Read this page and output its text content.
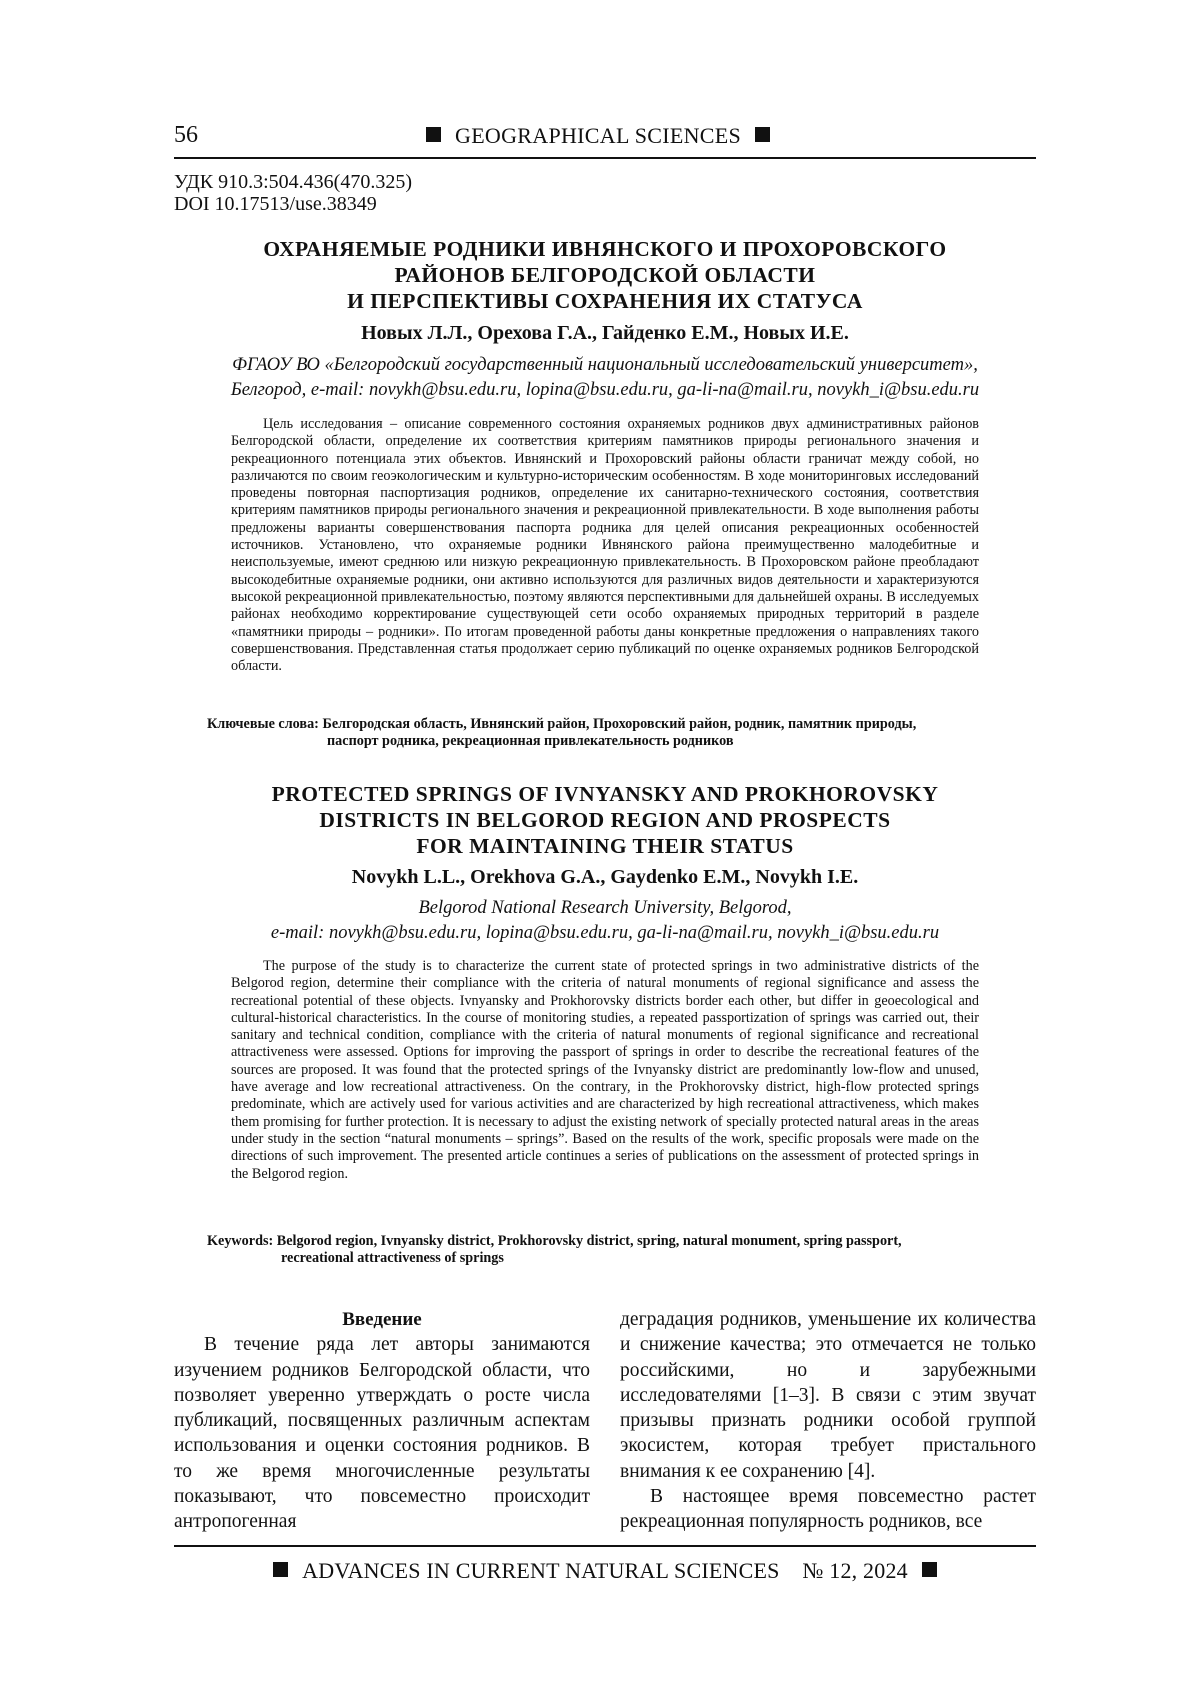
56	GEOGRAPHICAL SCIENCES
УДК 910.3:504.436(470.325)
DOI 10.17513/use.38349
ОХРАНЯЕМЫЕ РОДНИКИ ИВНЯНСКОГО И ПРОХОРОВСКОГО
РАЙОНОВ БЕЛГОРОДСКОЙ ОБЛАСТИ
И ПЕРСПЕКТИВЫ СОХРАНЕНИЯ ИХ СТАТУСА
Новых Л.Л., Орехова Г.А., Гайденко Е.М., Новых И.Е.
ФГАОУ ВО «Белгородский государственный национальный исследовательский университет»,
Белгород, e-mail: novykh@bsu.edu.ru, lopina@bsu.edu.ru, ga-li-na@mail.ru, novykh_i@bsu.edu.ru
Цель исследования – описание современного состояния охраняемых родников двух административных районов Белгородской области, определение их соответствия критериям памятников природы регионального значения и рекреационного потенциала этих объектов. Ивнянский и Прохоровский районы области граничат между собой, но различаются по своим геоэкологическим и культурно-историческим особенностям. В ходе мониторинговых исследований проведены повторная паспортизация родников, определение их санитарно-технического состояния, соответствия критериям памятников природы регионального значения и рекреационной привлекательности. В ходе выполнения работы предложены варианты совершенствования паспорта родника для целей описания рекреационных особенностей источников. Установлено, что охраняемые родники Ивнянского района преимущественно малодебитные и неиспользуемые, имеют среднюю или низкую рекреационную привлекательность. В Прохоровском районе преобладают высокодебитные охраняемые родники, они активно используются для различных видов деятельности и характеризуются высокой рекреационной привлекательностью, поэтому являются перспективными для дальнейшей охраны. В исследуемых районах необходимо корректирование существующей сети особо охраняемых природных территорий в разделе «памятники природы – родники». По итогам проведенной работы даны конкретные предложения о направлениях такого совершенствования. Представленная статья продолжает серию публикаций по оценке охраняемых родников Белгородской области.
Ключевые слова: Белгородская область, Ивнянский район, Прохоровский район, родник, памятник природы,
паспорт родника, рекреационная привлекательность родников
PROTECTED SPRINGS OF IVNYANSKY AND PROKHOROVSKY
DISTRICTS IN BELGOROD REGION AND PROSPECTS
FOR MAINTAINING THEIR STATUS
Novykh L.L., Orekhova G.A., Gaydenko E.M., Novykh I.E.
Belgorod National Research University, Belgorod,
e-mail: novykh@bsu.edu.ru, lopina@bsu.edu.ru, ga-li-na@mail.ru, novykh_i@bsu.edu.ru
The purpose of the study is to characterize the current state of protected springs in two administrative districts of the Belgorod region, determine their compliance with the criteria of natural monuments of regional significance and assess the recreational potential of these objects. Ivnyansky and Prokhorovsky districts border each other, but differ in geoecological and cultural-historical characteristics. In the course of monitoring studies, a repeated passportization of springs was carried out, their sanitary and technical condition, compliance with the criteria of natural monuments of regional significance and recreational attractiveness were assessed. Options for improving the passport of springs in order to describe the recreational features of the sources are proposed. It was found that the protected springs of the Ivnyansky district are predominantly low-flow and unused, have average and low recreational attractiveness. On the contrary, in the Prokhorovsky district, high-flow protected springs predominate, which are actively used for various activities and are characterized by high recreational attractiveness, which makes them promising for further protection. It is necessary to adjust the existing network of specially protected natural areas in the areas under study in the section “natural monuments – springs”. Based on the results of the work, specific proposals were made on the directions of such improvement. The presented article continues a series of publications on the assessment of protected springs in the Belgorod region.
Keywords: Belgorod region, Ivnyansky district, Prokhorovsky district, spring, natural monument, spring passport,
recreational attractiveness of springs
Введение
В течение ряда лет авторы занимаются изучением родников Белгородской области, что позволяет уверенно утверждать о росте числа публикаций, посвященных различным аспектам использования и оценки состояния родников. В то же время многочисленные результаты показывают, что повсеместно происходит антропогенная
деградация родников, уменьшение их количества и снижение качества; это отмечается не только российскими, но и зарубежными исследователями [1–3]. В связи с этим звучат призывы признать родники особой группой экосистем, которая требует пристального внимания к ее сохранению [4].
В настоящее время повсеместно растет рекреационная популярность родников, все
ADVANCES IN CURRENT NATURAL SCIENCES № 12, 2024
